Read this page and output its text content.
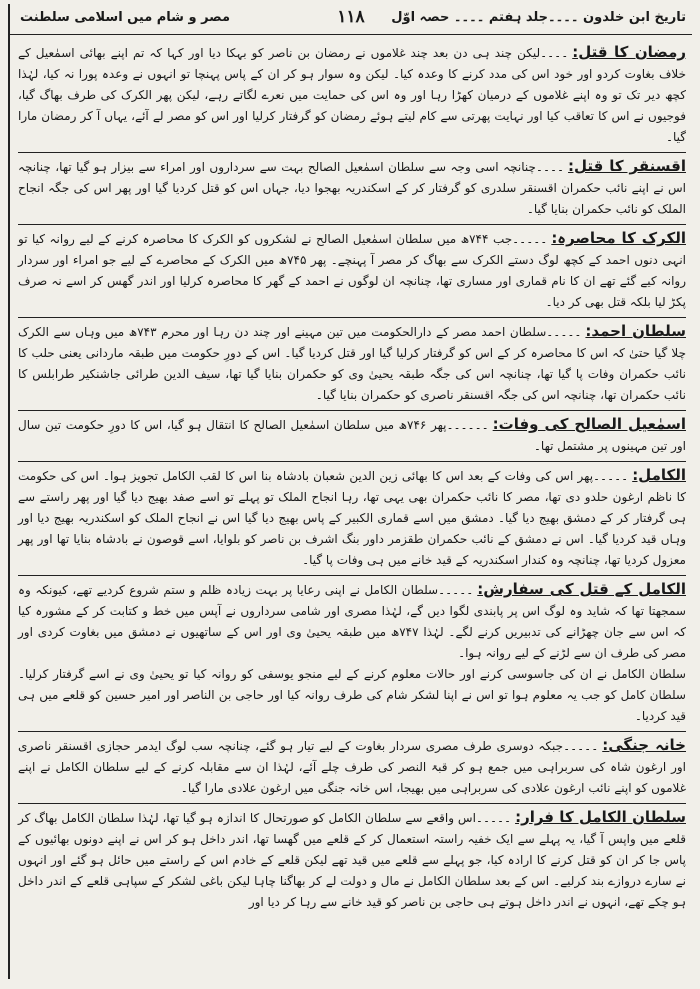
تاریخ ابن خلدون ۔۔۔۔جلد ہفتم ۔۔۔۔ حصہ اوّل
۱۱۸
مصر و شام میں اسلامی سلطنت
رمضان کا قتل:۔۔۔۔لیکن چند ہی دن بعد چند غلاموں نے رمضان بن ناصر کو بہکا دیا اور کہا کہ تم اپنے بھائی اسمٰعیل کے خلاف بغاوت کردو اور خود اس کی مدد کرنے کا وعدہ کیا۔ لیکن وہ سوار ہو کر ان کے پاس پہنچا تو انہوں نے وعدہ پورا نہ کیا، لہٰذا کچھ دیر تک تو وہ اپنے غلاموں کے درمیان کھڑا رہا اور وہ اس کی حمایت میں نعرے لگاتے رہے، لیکن پھر الکرک کی طرف بھاگ گیا، فوجیوں نے اس کا تعاقب کیا اور نہایت پھرتی سے کام لیتے ہوئے رمضان کو گرفتار کرلیا اور اس کو مصر لے آئے، یہاں آ کر رمضان مارا گیا۔
اقسنقر کا قتل:۔۔۔۔چنانچہ اسی وجہ سے سلطان اسمٰعیل الصالح بہت سے سرداروں اور امراء سے بیزار ہو گیا تھا، چنانچہ اس نے اپنے نائب حکمران اقسنقر سلدری کو گرفتار کر کے اسکندریہ بھجوا دیا، جہاں اس کو قتل کردیا گیا اور پھر اس کی جگہ انجاح الملک کو نائب حکمران بنایا گیا۔
الکرک کا محاصرہ:۔۔۔۔۔جب ۷۴۴ھ میں سلطان اسمٰعیل الصالح نے لشکروں کو الکرک کا محاصرہ کرنے کے لیے روانہ کیا تو انہی دنوں احمد کے کچھ لوگ دستے الکرک سے بھاگ کر مصر آ پہنچے۔ پھر ۷۴۵ھ میں الکرک کے محاصرے کے لیے جو امراء اور سردار روانہ کیے گئے تھے ان کا نام قماری اور مساری تھا، چنانچہ ان لوگوں نے احمد کے گھر کا محاصرہ کرلیا اور اندر گھس کر اسے نہ صرف پکڑ لیا بلکہ قتل بھی کر دیا۔
سلطان احمد:۔۔۔۔۔سلطان احمد مصر کے دارالحکومت میں تین مہینے اور چند دن رہا اور محرم ۷۴۳ھ میں وہاں سے الکرک چلا گیا حتیٰ کہ اس کا محاصرہ کر کے اس کو گرفتار کرلیا گیا اور قتل کردیا گیا۔ اس کے دورِ حکومت میں طبقہ ماردانی یعنی حلب کا نائب حکمران وفات پا گیا تھا، چنانچہ اس کی جگہ طبقہ یحییٰ وی کو حکمران بنایا گیا تھا، سیف الدین طرائی جاشنکیر طرابلس کا نائب حکمران تھا، چنانچہ اس کی جگہ اقسنقر ناصری کو حکمران بنایا گیا۔
اسمٰعیل الصالح کی وفات:۔۔۔۔۔۔پھر ۷۴۶ھ میں سلطان اسمٰعیل الصالح کا انتقال ہو گیا، اس کا دورِ حکومت تین سال اور تین مہینوں پر مشتمل تھا۔
الکامل:۔۔۔۔۔پھر اس کی وفات کے بعد اس کا بھائی زین الدین شعبان بادشاہ بنا اس کا لقب الکامل تجویز ہوا۔ اس کی حکومت کا ناظم ارغون حلدو دی تھا، مصر کا نائب حکمران بھی یہی تھا، رہا انجاح الملک تو پہلے تو اسے صفد بھیج دیا گیا اور پھر راستے سے ہی گرفتار کر کے دمشق بھیج دیا گیا۔ دمشق میں اسے قماری الکبیر کے پاس بھیج دیا گیا اس نے انجاح الملک کو اسکندریہ بھیج دیا اور وہاں قید کردیا گیا۔ اس نے دمشق کے نائب حکمران طقزمر داور بنگ اشرف بن ناصر کو بلوایا، اسے قوصون نے بادشاہ بنایا تھا اور پھر معزول کردیا تھا، چنانچہ وہ کندار اسکندریہ کے قید خانے میں ہی وفات پا گیا۔
الکامل کے قتل کی سفارش:۔۔۔۔۔سلطان الکامل نے اپنی رعایا پر بہت زیادہ ظلم و ستم شروع کردیے تھے، کیونکہ وہ سمجھتا تھا کہ شاید وہ لوگ اس پر پابندی لگوا دیں گے، لہٰذا مصری اور شامی سرداروں نے آپس میں خط و کتابت کر کے مشورہ کیا کہ اس سے جان چھڑانے کی تدبیریں کرنے لگے۔ لہٰذا ۷۴۷ھ میں طبقہ یحییٰ وی اور اس کے ساتھیوں نے دمشق میں بغاوت کردی اور مصر کی طرف ان سے لڑنے کے لیے روانہ ہوا۔

سلطان الکامل نے ان کی جاسوسی کرنے اور حالات معلوم کرنے کے لیے منجو یوسفی کو روانہ کیا تو یحییٰ وی نے اسے گرفتار کرلیا۔ سلطان کامل کو جب یہ معلوم ہوا تو اس نے اپنا لشکر شام کی طرف روانہ کیا اور حاجی بن الناصر اور امیر حسین کو قلعے میں ہی قید کردیا۔

خانہ جنگی:۔۔۔۔۔جبکہ دوسری طرف مصری سردار بغاوت کے لیے تیار ہو گئے، چنانچہ سب لوگ ایدمر حجازی اقسنقر ناصری اور ارغون شاہ کی سربراہی میں جمع ہو کر قبۃ النصر کی طرف چلے آئے، لہٰذا ان سے مقابلہ کرنے کے لیے سلطان الکامل نے اپنے غلاموں کو اپنے نائب ارغون علادی کی سربراہی میں بھیجا، اس خانہ جنگی میں ارغون علادی مارا گیا۔
سلطان الکامل کا فرار:۔۔۔۔۔اس واقعے سے سلطان الکامل کو صورتحال کا اندازہ ہو گیا تھا، لہٰذا سلطان الکامل بھاگ کر قلعے میں واپس آ گیا، یہ پہلے سے ایک خفیہ راستہ استعمال کر کے قلعے میں گھسا تھا، اندر داخل ہو کر اس نے اپنے دونوں بھائیوں کے پاس جا کر ان کو قتل کرنے کا ارادہ کیا، جو پہلے سے قلعے میں قید تھے لیکن قلعے کے خادم اس کے راستے میں حائل ہو گئے اور انہوں نے سارے دروازے بند کرلیے۔ اس کے بعد سلطان الکامل نے مال و دولت لے کر بھاگنا چاہا لیکن باغی لشکر کے سپاہی قلعے کے اندر داخل ہو چکے تھے، انہوں نے اندر داخل ہوتے ہی حاجی بن ناصر کو قید خانے سے رہا کر دیا اور
